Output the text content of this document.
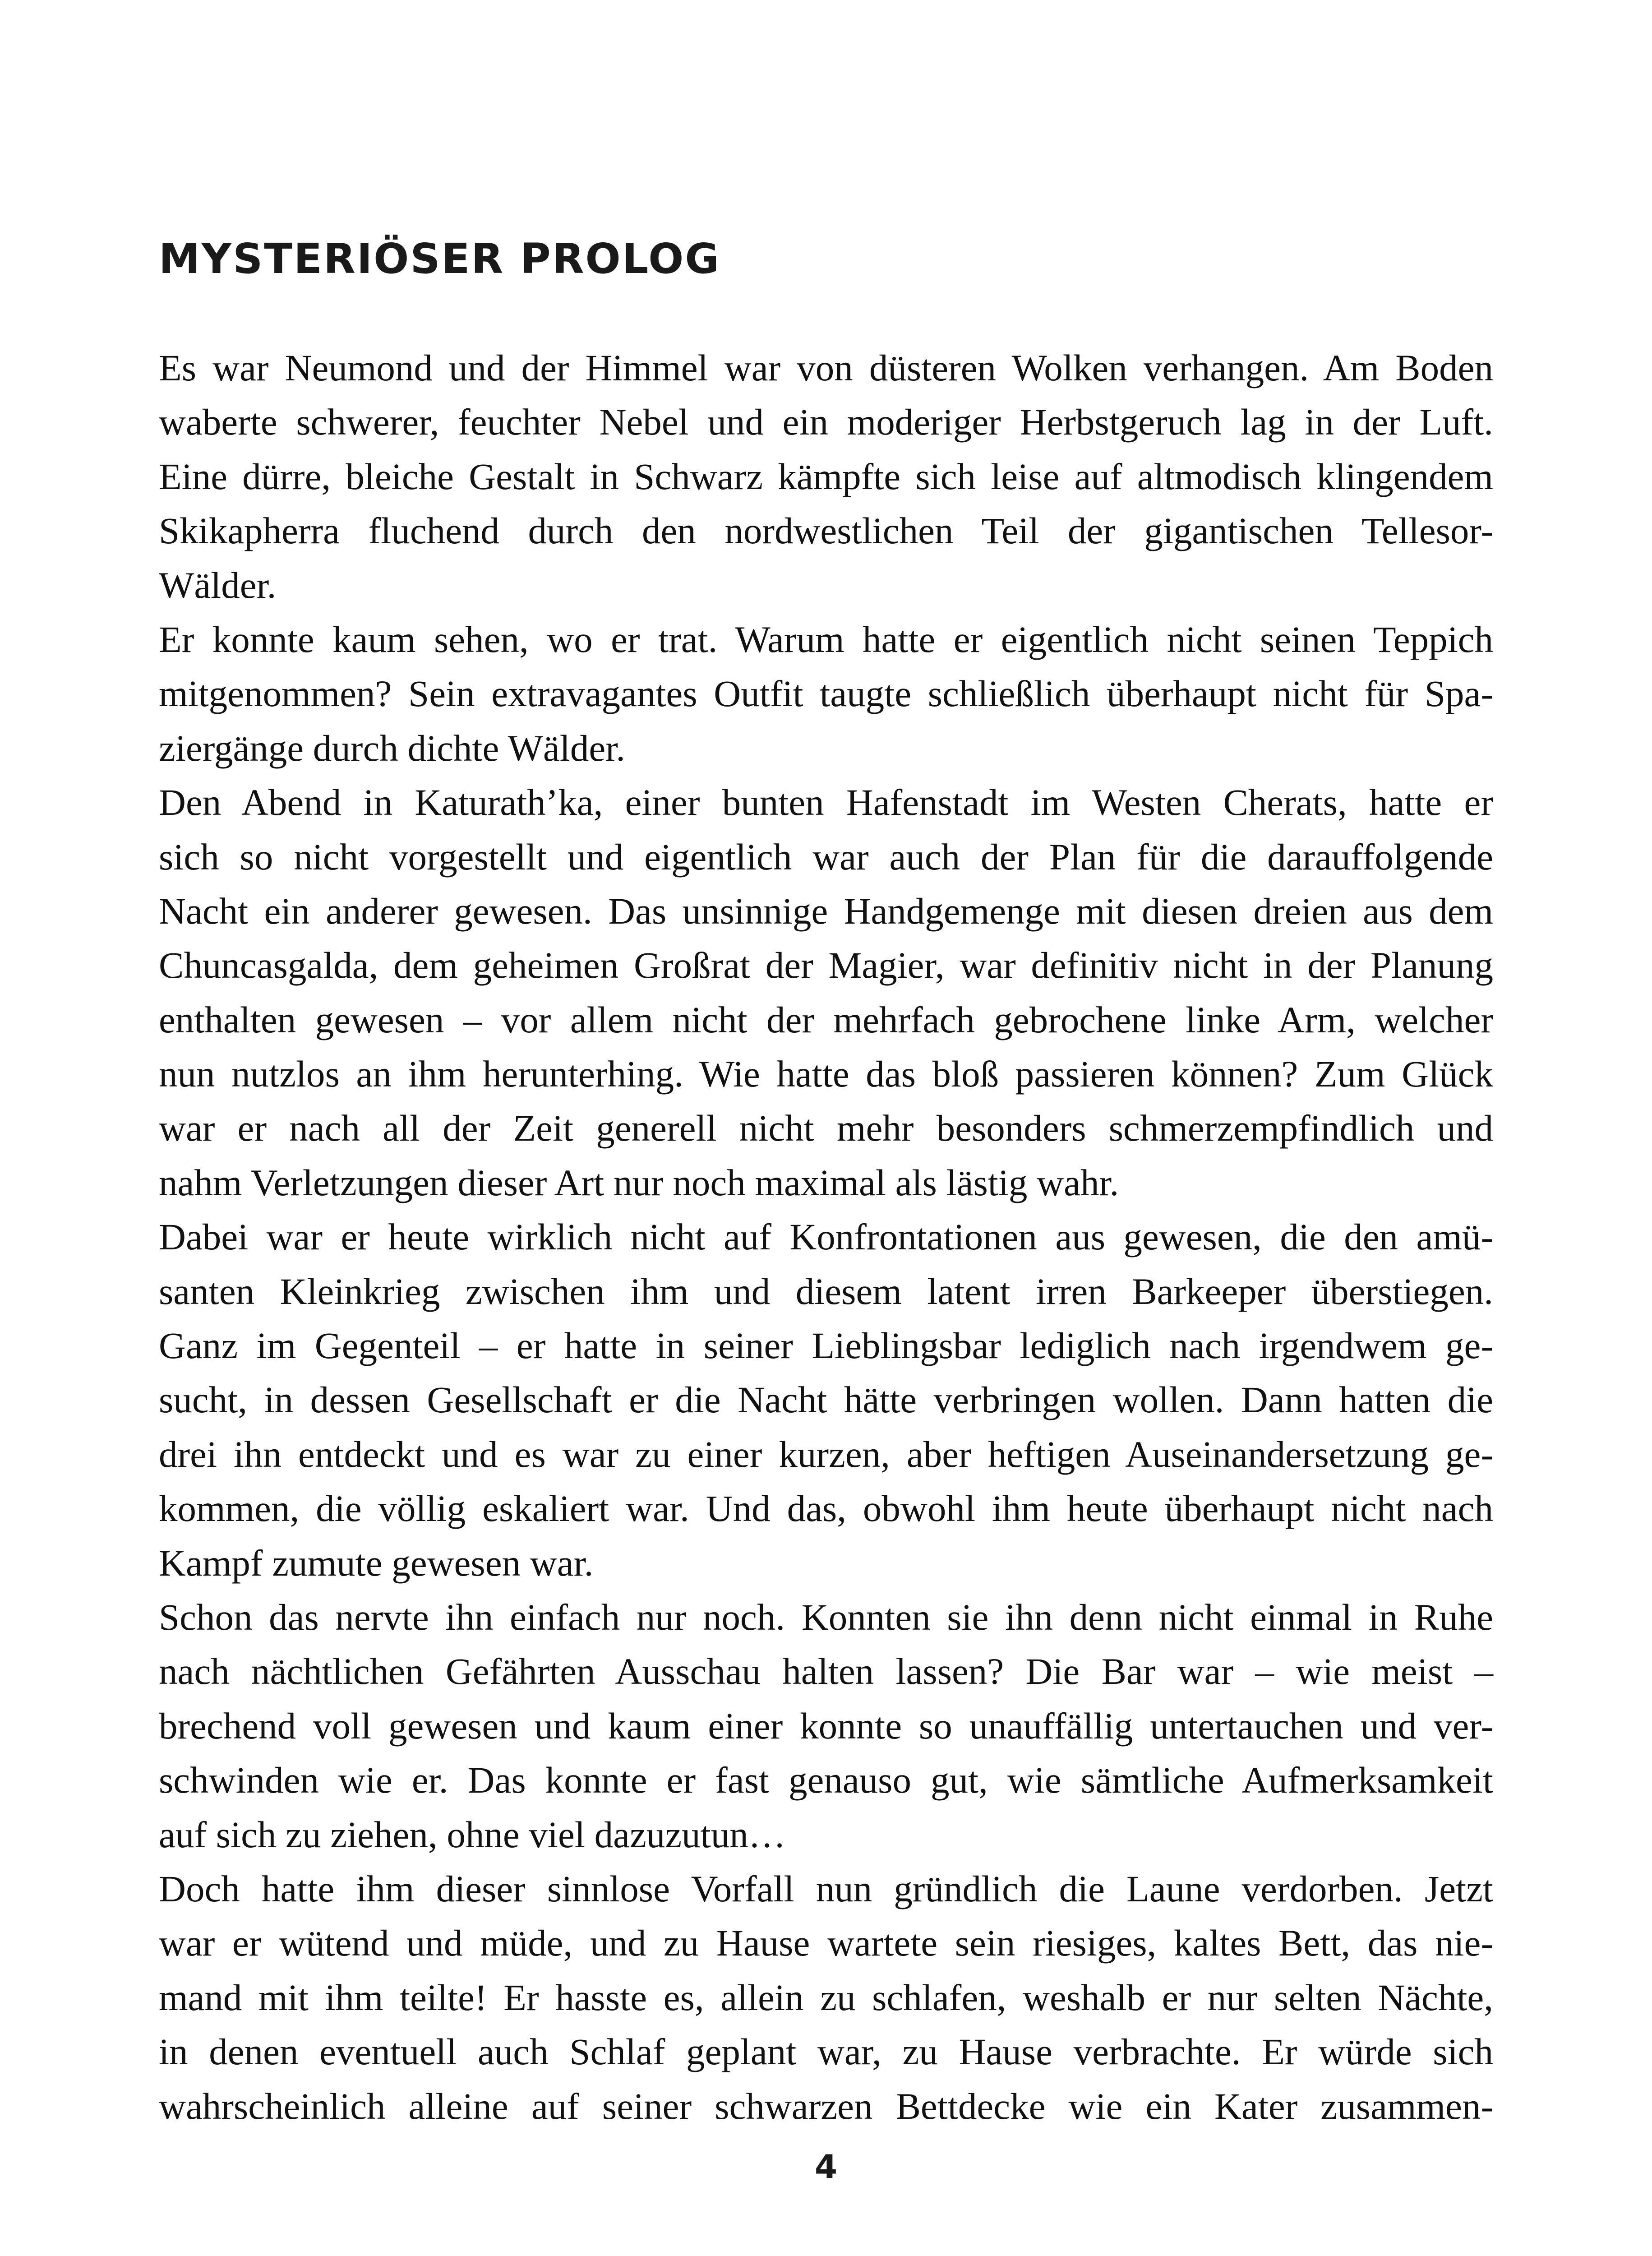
MYSTERIÖSER PROLOG
Es war Neumond und der Himmel war von düsteren Wolken verhangen. Am Boden
waberte schwerer, feuchter Nebel und ein moderiger Herbstgeruch lag in der Luft.
Eine dürre, bleiche Gestalt in Schwarz kämpfte sich leise auf altmodisch klingendem
Skikapherra fluchend durch den nordwestlichen Teil der gigantischen Tellesor-
Wälder.
Er konnte kaum sehen, wo er trat. Warum hatte er eigentlich nicht seinen Teppich
mitgenommen? Sein extravagantes Outfit taugte schließlich überhaupt nicht für Spa-
ziergänge durch dichte Wälder.
Den Abend in Katurath’ka, einer bunten Hafenstadt im Westen Cherats, hatte er
sich so nicht vorgestellt und eigentlich war auch der Plan für die darauffolgende
Nacht ein anderer gewesen. Das unsinnige Handgemenge mit diesen dreien aus dem
Chuncasgalda, dem geheimen Großrat der Magier, war definitiv nicht in der Planung
enthalten gewesen – vor allem nicht der mehrfach gebrochene linke Arm, welcher
nun nutzlos an ihm herunterhing. Wie hatte das bloß passieren können? Zum Glück
war er nach all der Zeit generell nicht mehr besonders schmerzempfindlich und
nahm Verletzungen dieser Art nur noch maximal als lästig wahr.
Dabei war er heute wirklich nicht auf Konfrontationen aus gewesen, die den amü-
santen Kleinkrieg zwischen ihm und diesem latent irren Barkeeper überstiegen.
Ganz im Gegenteil – er hatte in seiner Lieblingsbar lediglich nach irgendwem ge-
sucht, in dessen Gesellschaft er die Nacht hätte verbringen wollen. Dann hatten die
drei ihn entdeckt und es war zu einer kurzen, aber heftigen Auseinandersetzung ge-
kommen, die völlig eskaliert war. Und das, obwohl ihm heute überhaupt nicht nach
Kampf zumute gewesen war.
Schon das nervte ihn einfach nur noch. Konnten sie ihn denn nicht einmal in Ruhe
nach nächtlichen Gefährten Ausschau halten lassen? Die Bar war – wie meist –
brechend voll gewesen und kaum einer konnte so unauffällig untertauchen und ver-
schwinden wie er. Das konnte er fast genauso gut, wie sämtliche Aufmerksamkeit
auf sich zu ziehen, ohne viel dazuzutun…
Doch hatte ihm dieser sinnlose Vorfall nun gründlich die Laune verdorben. Jetzt
war er wütend und müde, und zu Hause wartete sein riesiges, kaltes Bett, das nie-
mand mit ihm teilte! Er hasste es, allein zu schlafen, weshalb er nur selten Nächte,
in denen eventuell auch Schlaf geplant war, zu Hause verbrachte. Er würde sich
wahrscheinlich alleine auf seiner schwarzen Bettdecke wie ein Kater zusammen-
4
